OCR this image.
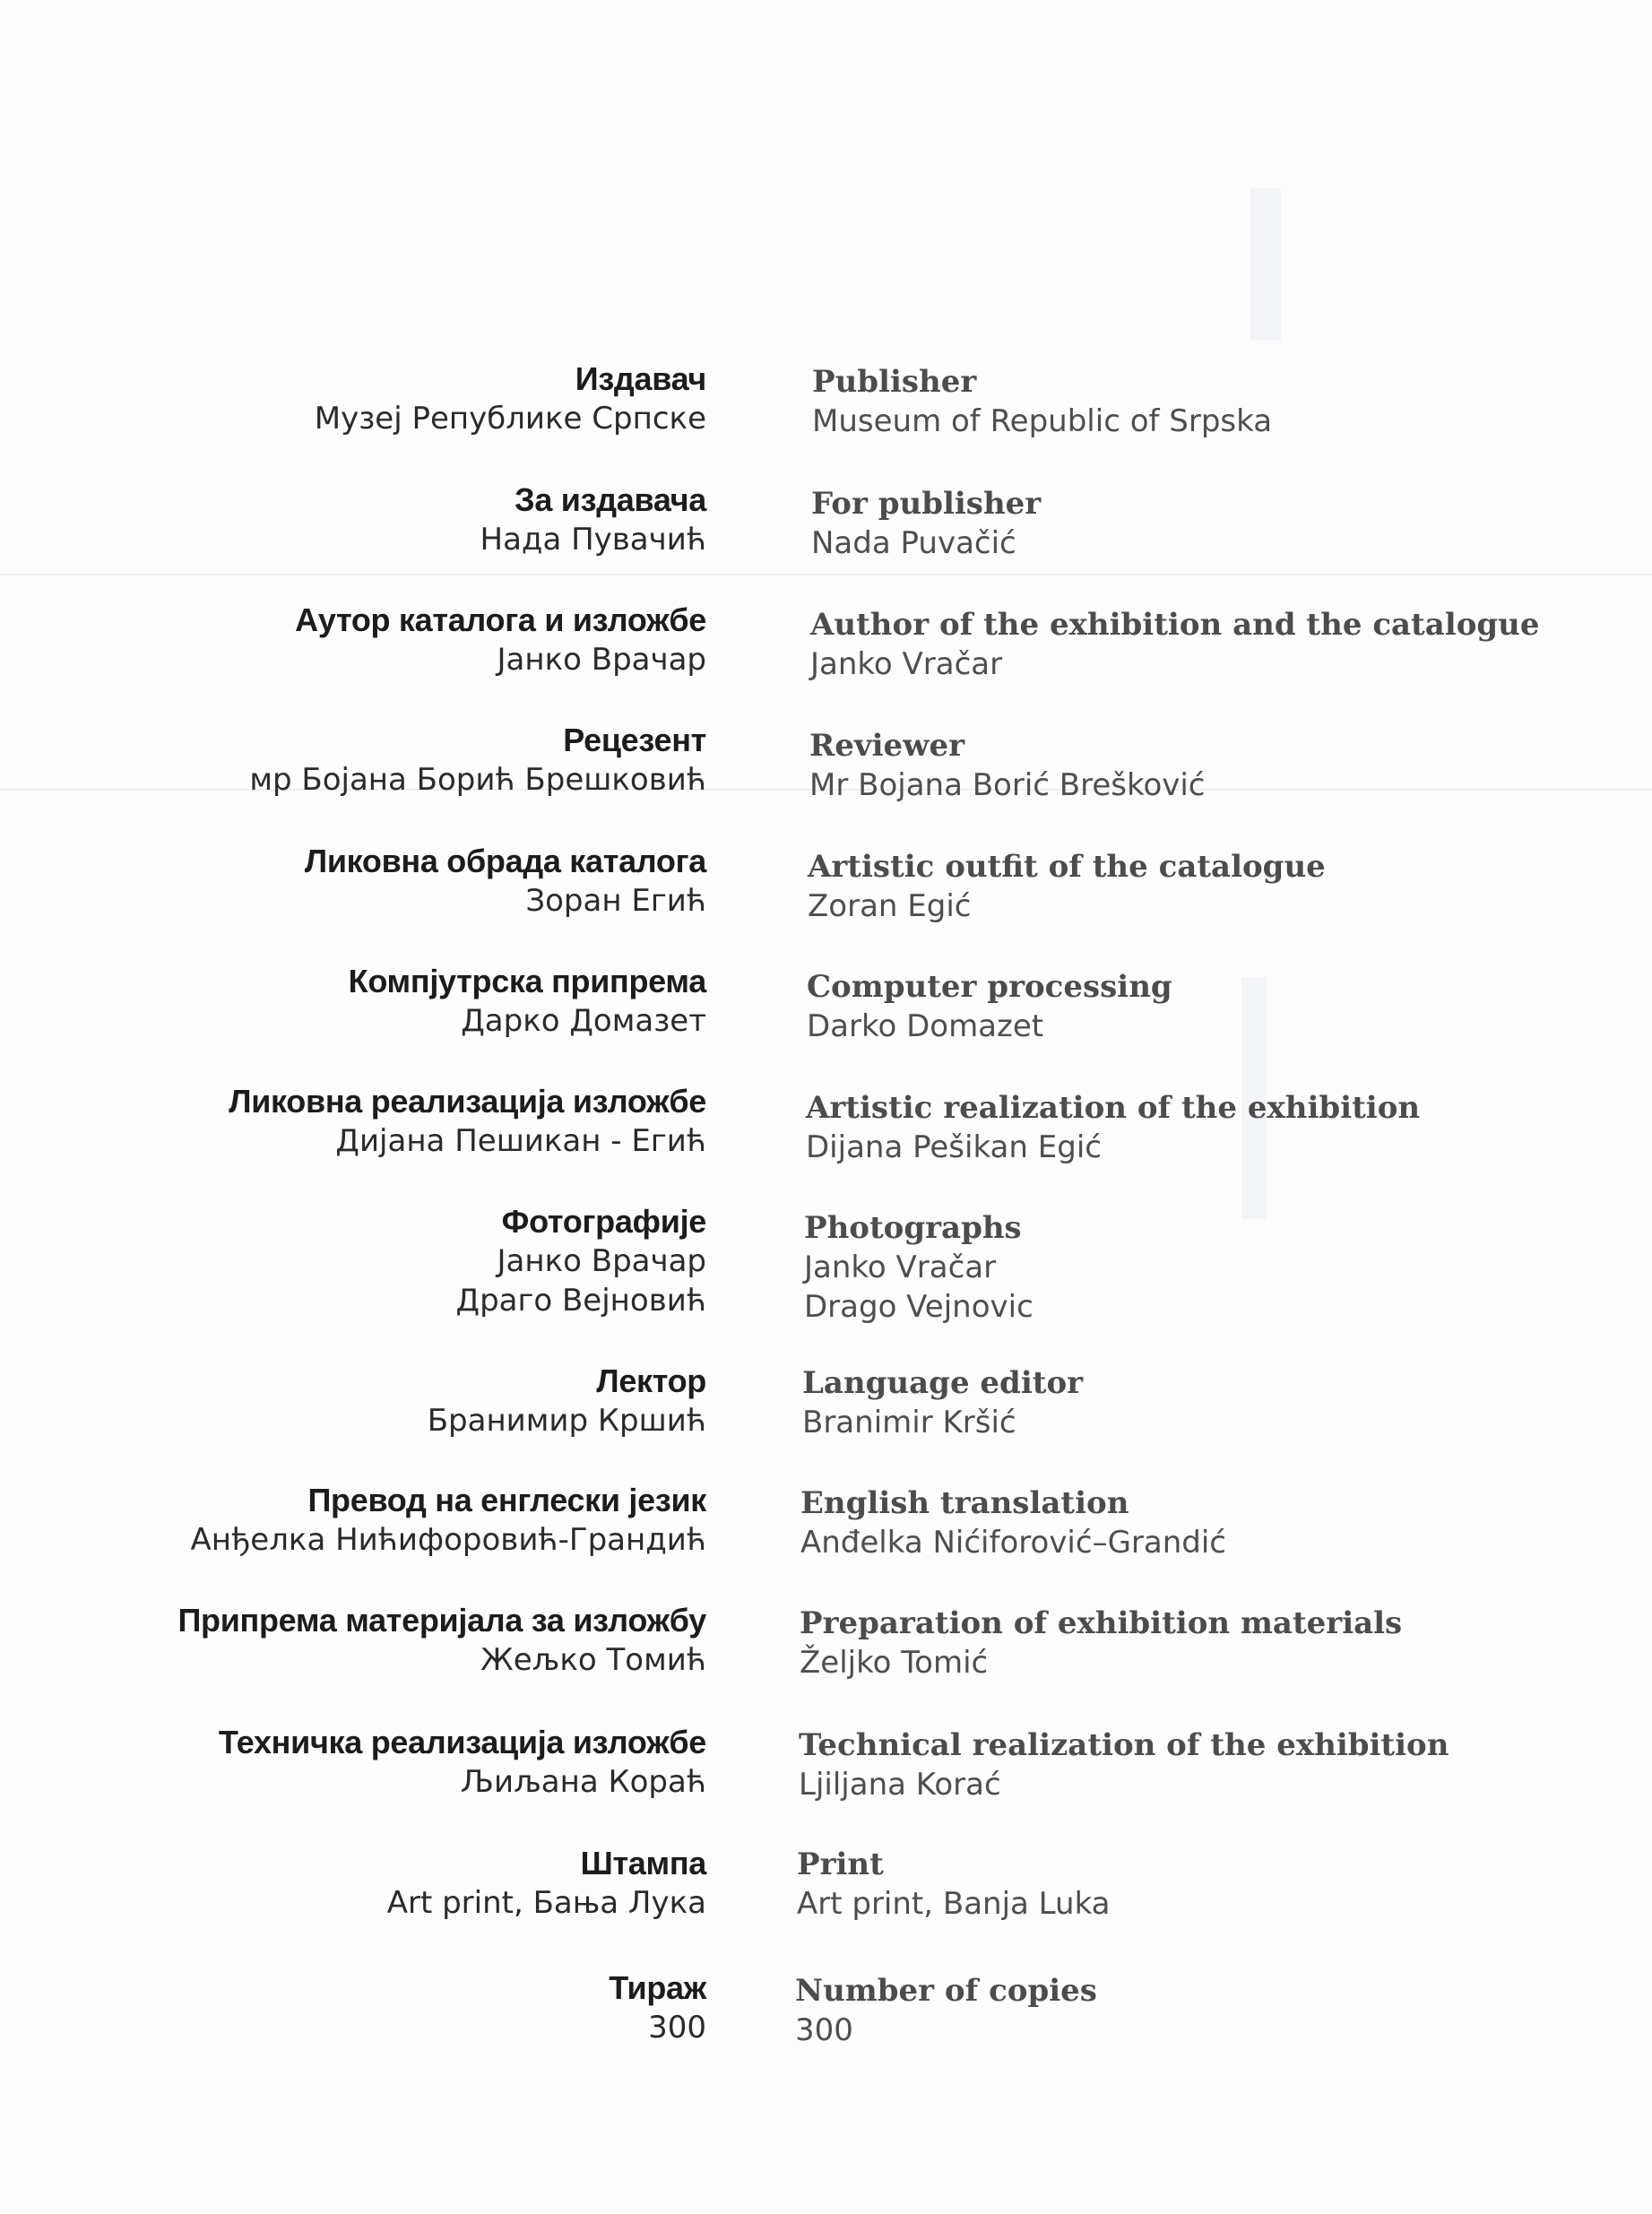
Издавач
Музеј Републике Српске
Publisher
Museum of Republic of Srpska
За издавача
Нада Пувачић
For publisher
Nada Puvačić
Аутор каталога и изложбе
Јанко Врачар
Author of the exhibition and the catalogue
Janko Vračar
Рецезент
мр Бојана Борић Брешковић
Reviewer
Mr Bojana Borić Brešković
Ликовна обрада каталога
Зоран Егић
Artistic outfit of the catalogue
Zoran Egić
Компјутрска припрема
Дарко Домазет
Computer processing
Darko Domazet
Ликовна реализација изложбе
Дијана Пешикан - Егић
Artistic realization of the exhibition
Dijana Pešikan Egić
Фотографије
Јанко Врачар
Драго Вејновић
Photographs
Janko Vračar
Drago Vejnovic
Лектор
Бранимир Кршић
Language editor
Branimir Kršić
Превод на енглески језик
Анђелка Нићифоровић-Грандић
English translation
Anđelka Nićiforović–Grandić
Припрема материјала за изложбу
Жељко Томић
Preparation of exhibition materials
Željko Tomić
Техничка реализација изложбе
Љиљана Кораћ
Technical realization of the exhibition
Ljiljana Korać
Штампа
Art print, Бања Лука
Print
Art print, Banja Luka
Тираж
300
Number of copies
300
